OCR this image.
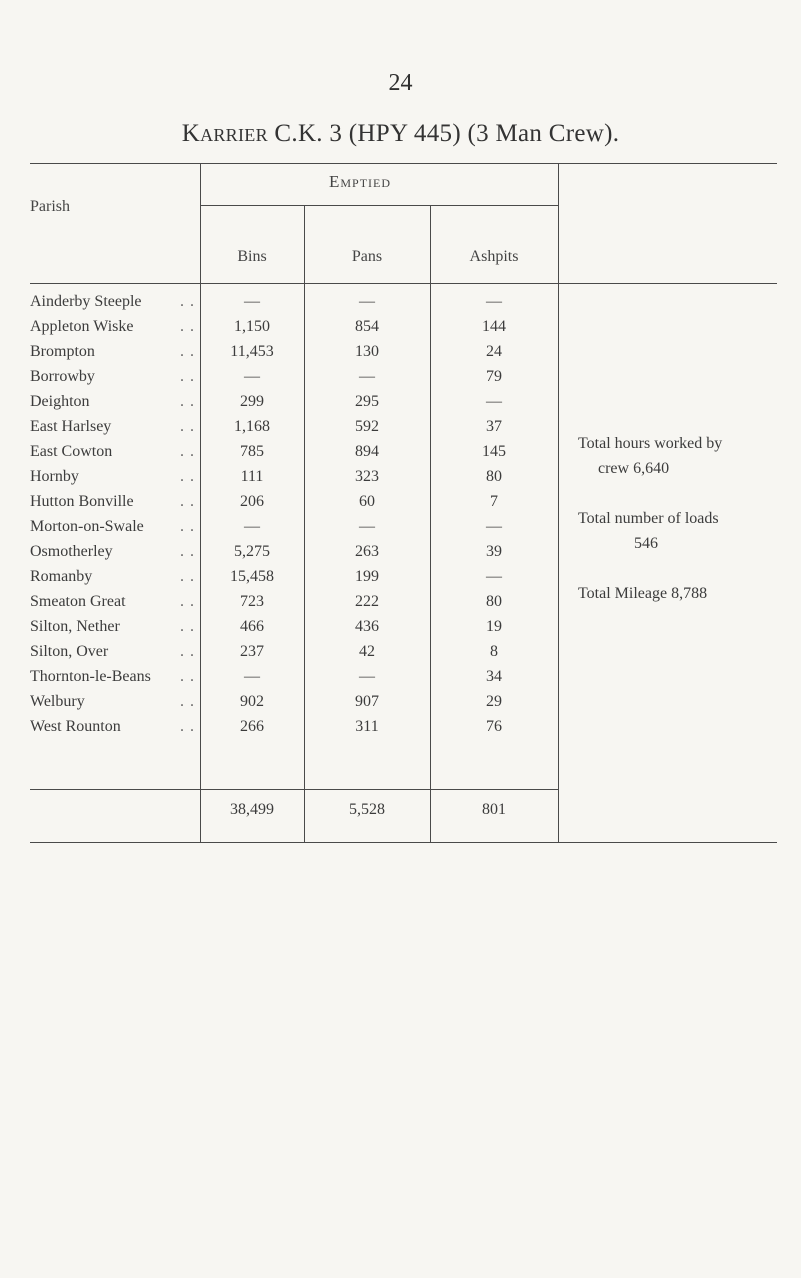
24
Karrier C.K. 3 (HPY 445) (3 Man Crew).
Parish
Emptied
Bins	Pans	Ashpits
Ainderby Steeple . .	—	—	—
Appleton Wiske	. .	1,150	854	144
Brompton	. .	11,453	130	24
Borrowby	. .	—	—	79
Deighton	. .	299	295	—
East Harlsey	. .	1,168	592	37
East Cowton	. .	785	894	145
Hornby	. .	111	323	80
Hutton Bonville	. .	206	60	7
Morton-on-Swale . .	—	—	—
Osmotherley	. .	5,275	263	39
Romanby	. .	15,458	199	—
Smeaton Great	. .	723	222	80
Silton, Nether	. .	466	436	19
Silton, Over	. .	237	42	8
Thornton-le-Beans . .	—	—	34
Welbury	. .	902	907	29
West Rounton	. .	266	311	76
38,499	5,528	801
Total hours worked by
crew 6,640
Total number of loads
546
Total Mileage 8,788
